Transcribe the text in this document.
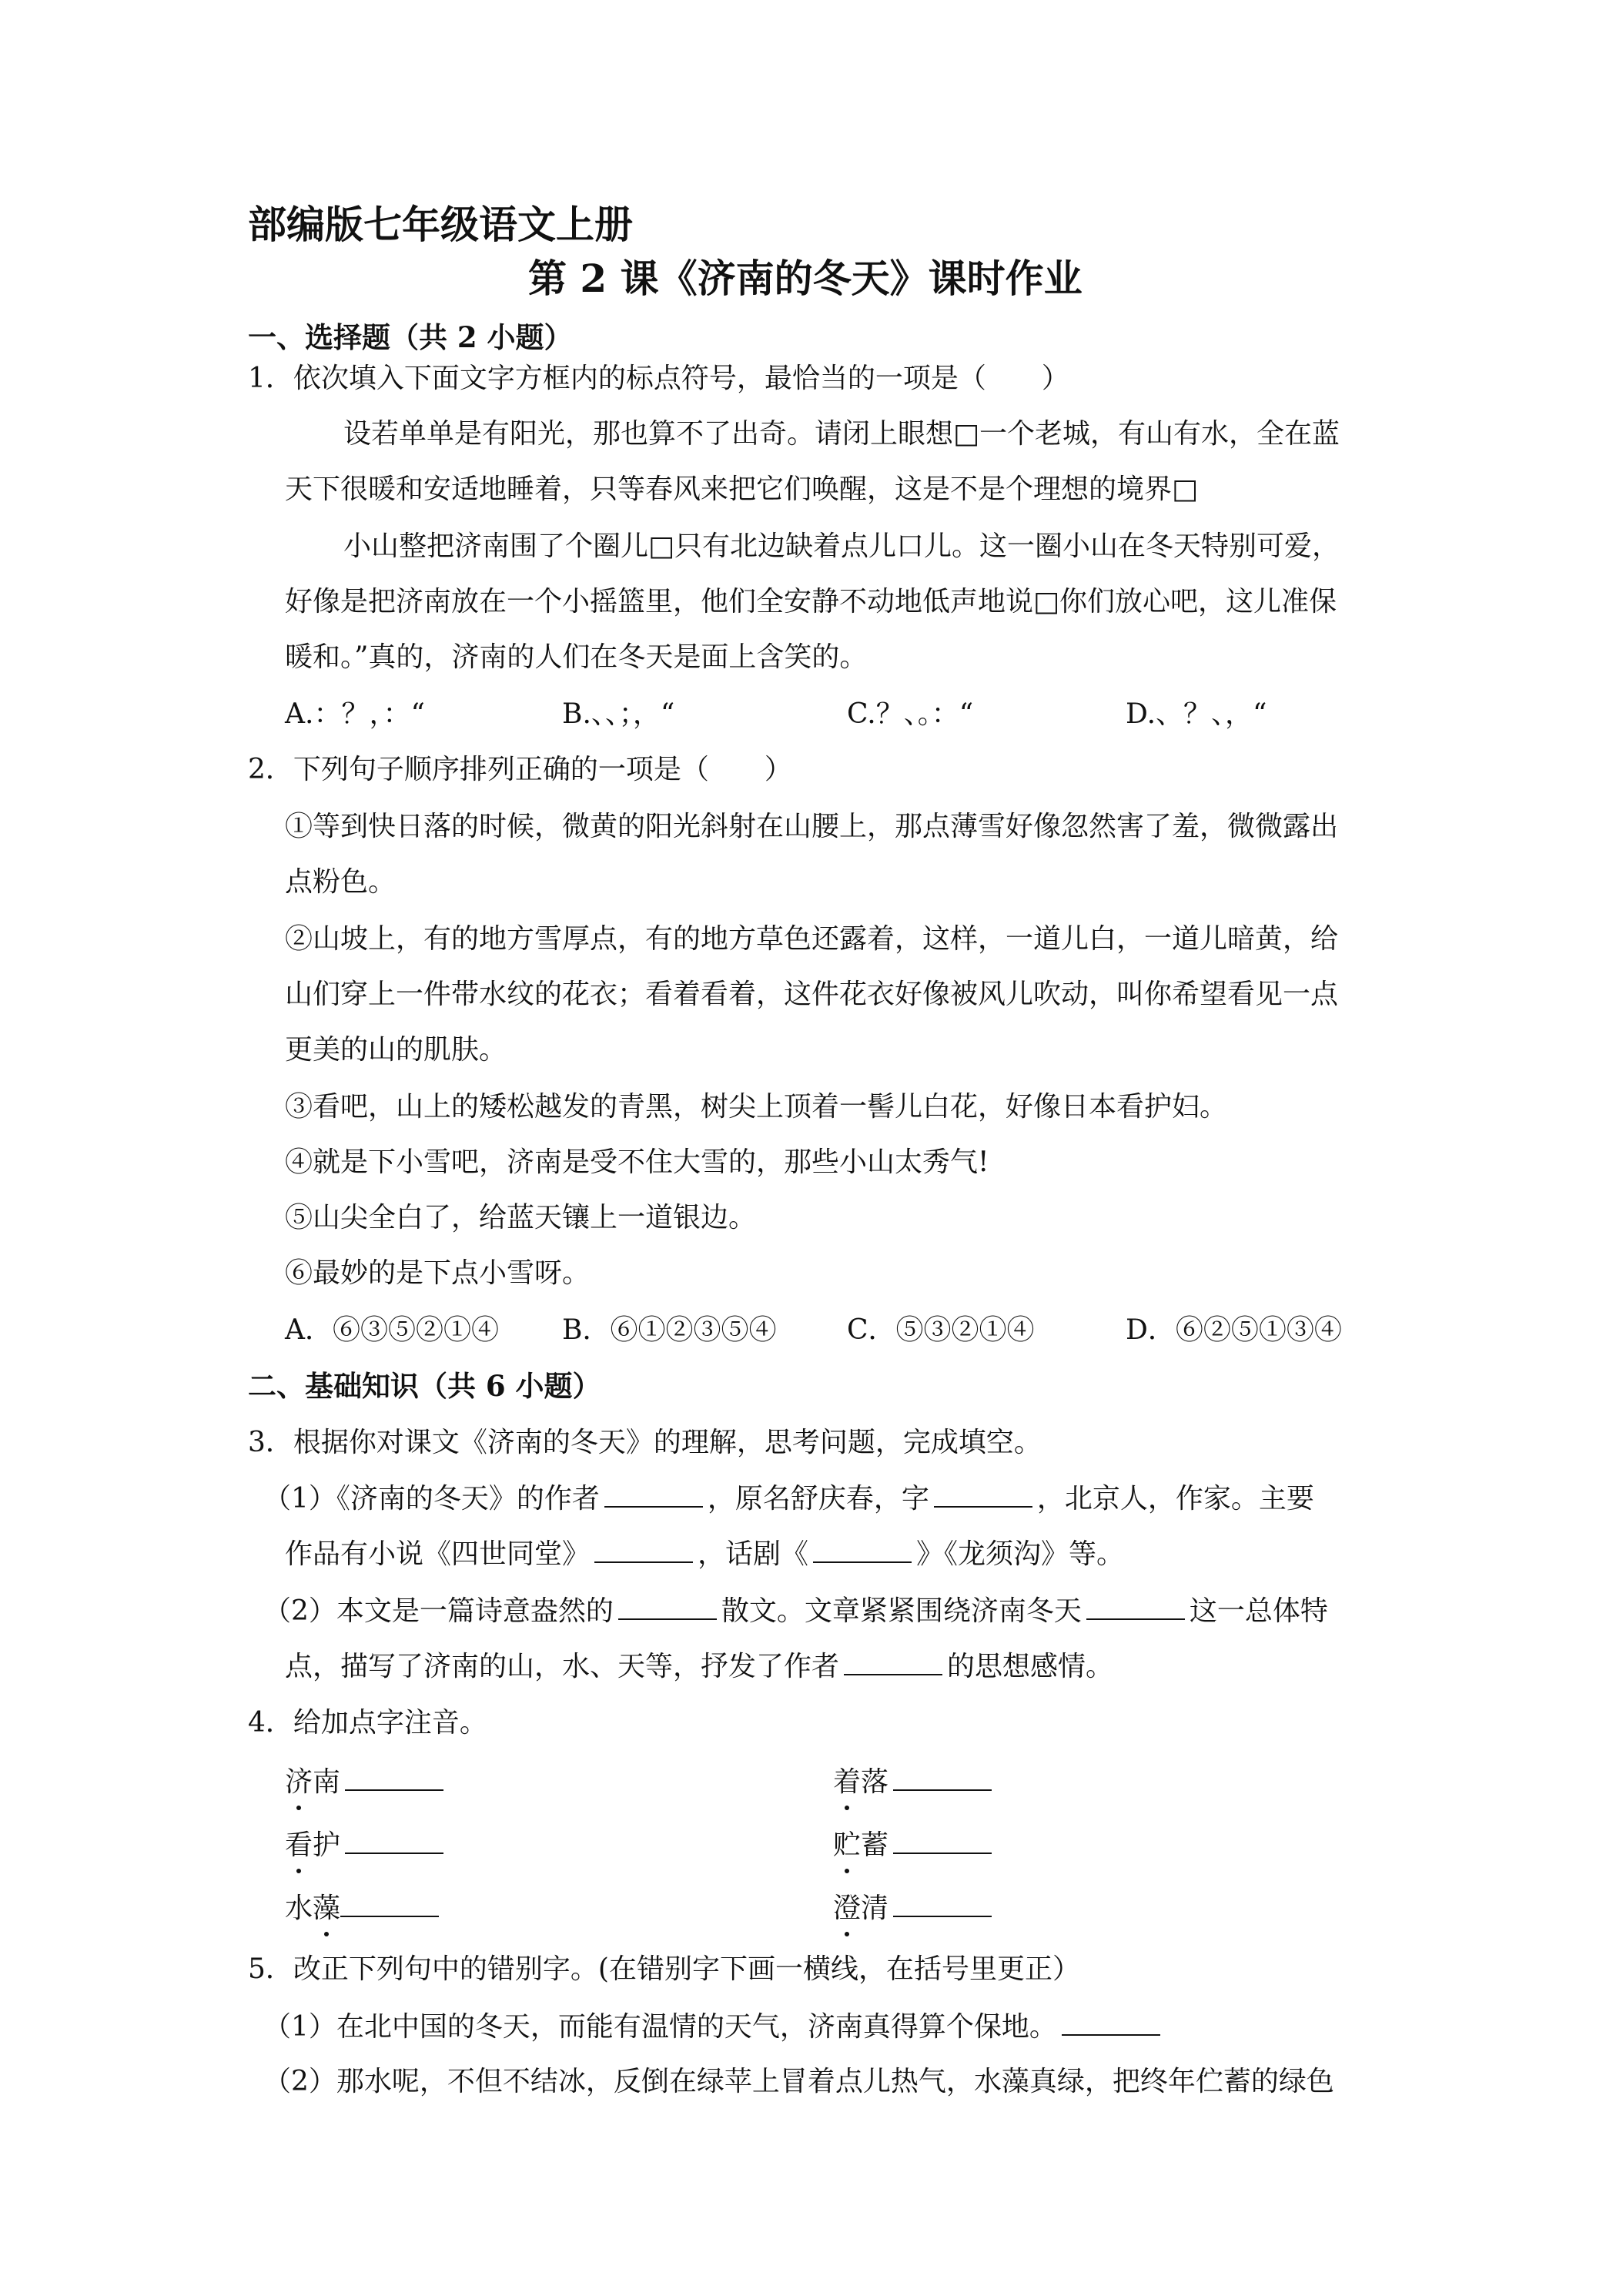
部编版七年级语文上册
第 2 课《济南的冬天》课时作业
一、选择题（共 2 小题）
1．依次填入下面文字方框内的标点符号，最恰当的一项是（　　）
设若单单是有阳光，那也算不了出奇。请闭上眼想□一个老城，有山有水，全在蓝
天下很暖和安适地睡着，只等春风来把它们唤醒，这是不是个理想的境界□
小山整把济南围了个圈儿□只有北边缺着点儿口儿。这一圈小山在冬天特别可爱，
好像是把济南放在一个小摇篮里，他们全安静不动地低声地说□你们放心吧，这儿准保
暖和。”真的，济南的人们在冬天是面上含笑的。
A.：？，：“	B.、、；，“	C.？、。：“	D.、？、，“
2．下列句子顺序排列正确的一项是（　　）
①等到快日落的时候，微黄的阳光斜射在山腰上，那点薄雪好像忽然害了羞，微微露出
点粉色。
②山坡上，有的地方雪厚点，有的地方草色还露着，这样，一道儿白，一道儿暗黄，给
山们穿上一件带水纹的花衣；看着看着，这件花衣好像被风儿吹动，叫你希望看见一点
更美的山的肌肤。
③看吧，山上的矮松越发的青黑，树尖上顶着一髻儿白花，好像日本看护妇。
④就是下小雪吧，济南是受不住大雪的，那些小山太秀气!
⑤山尖全白了，给蓝天镶上一道银边。
⑥最妙的是下点小雪呀。
A．⑥③⑤②①④ B．⑥①②③⑤④	C．⑤③②①④	D．⑥②⑤①③④
二、基础知识（共 6 小题）
3．根据你对课文《济南的冬天》的理解，思考问题，完成填空。
（1）《济南的冬天》的作者	，原名舒庆春，字	，北京人，作家。主要
作品有小说《四世同堂》	，话剧《	》《龙须沟》等。
（2）本文是一篇诗意盎然的	散文。文章紧紧围绕济南冬天	这一总体特
点，描写了济南的山，水、天等，抒发了作者	的思想感情。
4．给加点字注音。
济南	着落
看护	贮蓄
水藻	澄清
5．改正下列句中的错别字。(在错别字下画一横线，在括号里更正）
（1）在北中国的冬天，而能有温情的天气，济南真得算个保地。
（2）那水呢，不但不结冰，反倒在绿苹上冒着点儿热气，水藻真绿，把终年伫蓄的绿色
